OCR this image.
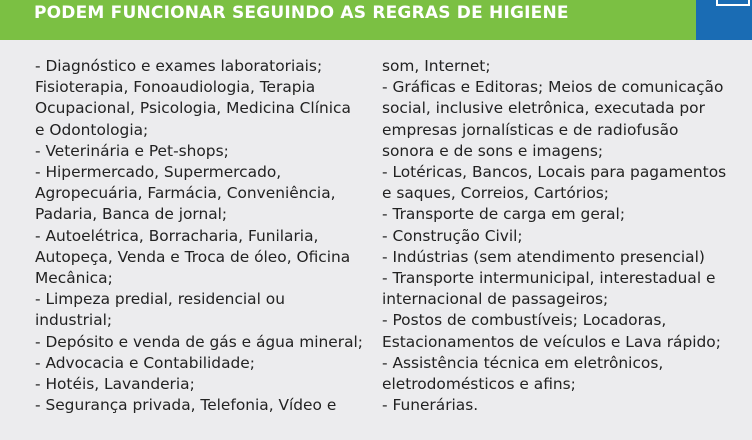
PODEM FUNCIONAR SEGUINDO AS REGRAS DE HIGIENE
- Diagnóstico e exames laboratoriais;
Fisioterapia, Fonoaudiologia, Terapia
Ocupacional, Psicologia, Medicina Clínica
e Odontologia;
- Veterinária e Pet-shops;
- Hipermercado, Supermercado,
Agropecuária, Farmácia, Conveniência,
Padaria, Banca de jornal;
- Autoelétrica, Borracharia, Funilaria,
Autopeça, Venda e Troca de óleo, Oficina
Mecânica;
- Limpeza predial, residencial ou
industrial;
- Depósito e venda de gás e água mineral;
- Advocacia e Contabilidade;
- Hotéis, Lavanderia;
- Segurança privada, Telefonia, Vídeo e
som, Internet;
- Gráficas e Editoras; Meios de comunicação
social, inclusive eletrônica, executada por
empresas jornalísticas e de radiofusão
sonora e de sons e imagens;
- Lotéricas, Bancos, Locais para pagamentos
e saques, Correios, Cartórios;
- Transporte de carga em geral;
- Construção Civil;
- Indústrias (sem atendimento presencial)
- Transporte intermunicipal, interestadual e
internacional de passageiros;
- Postos de combustíveis; Locadoras,
Estacionamentos de veículos e Lava rápido;
- Assistência técnica em eletrônicos,
eletrodomésticos e afins;
- Funerárias.
